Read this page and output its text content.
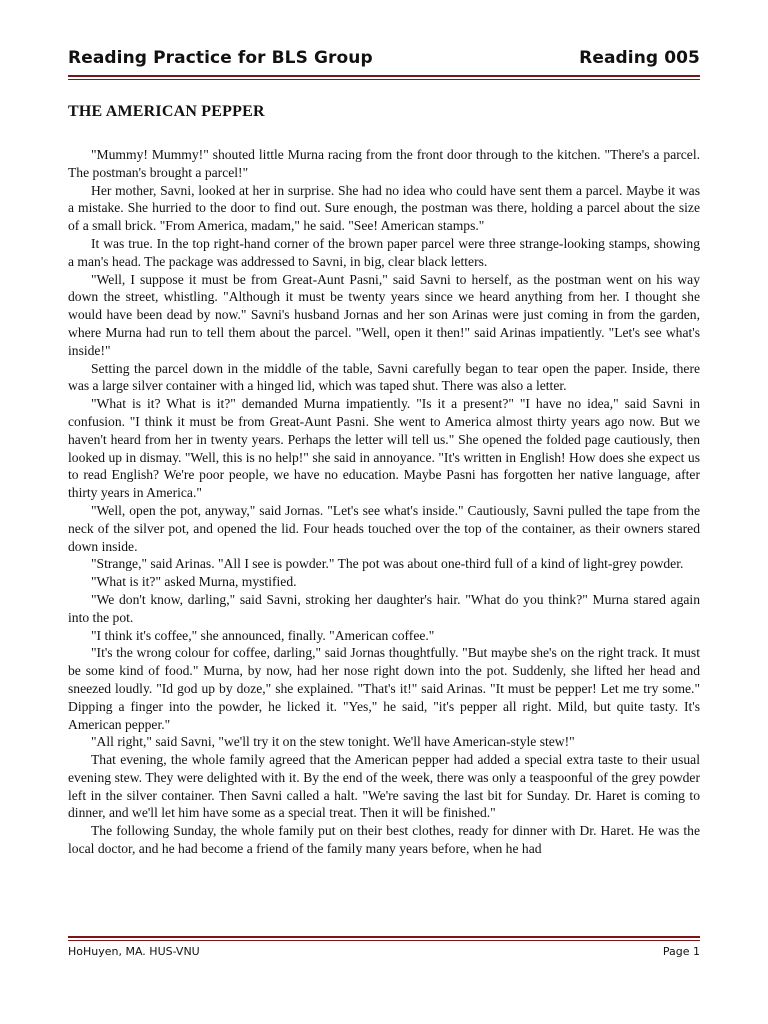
Reading Practice for BLS Group	Reading 005
THE AMERICAN PEPPER

"Mummy! Mummy!" shouted little Murna racing from the front door through to the kitchen. "There's a parcel. The postman's brought a parcel!"

Her mother, Savni, looked at her in surprise. She had no idea who could have sent them a parcel. Maybe it was a mistake. She hurried to the door to find out. Sure enough, the postman was there, holding a parcel about the size of a small brick. "From America, madam," he said. "See! American stamps."

It was true. In the top right-hand corner of the brown paper parcel were three strange-looking stamps, showing a man's head. The package was addressed to Savni, in big, clear black letters.

"Well, I suppose it must be from Great-Aunt Pasni," said Savni to herself, as the postman went on his way down the street, whistling. "Although it must be twenty years since we heard anything from her. I thought she would have been dead by now." Savni's husband Jornas and her son Arinas were just coming in from the garden, where Murna had run to tell them about the parcel. "Well, open it then!" said Arinas impatiently. "Let's see what's inside!"

Setting the parcel down in the middle of the table, Savni carefully began to tear open the paper. Inside, there was a large silver container with a hinged lid, which was taped shut. There was also a letter.

"What is it? What is it?" demanded Murna impatiently. "Is it a present?" "I have no idea," said Savni in confusion. "I think it must be from Great-Aunt Pasni. She went to America almost thirty years ago now. But we haven't heard from her in twenty years. Perhaps the letter will tell us." She opened the folded page cautiously, then looked up in dismay. "Well, this is no help!" she said in annoyance. "It's written in English! How does she expect us to read English? We're poor people, we have no education. Maybe Pasni has forgotten her native language, after thirty years in America."

"Well, open the pot, anyway," said Jornas. "Let's see what's inside." Cautiously, Savni pulled the tape from the neck of the silver pot, and opened the lid. Four heads touched over the top of the container, as their owners stared down inside.

"Strange," said Arinas. "All I see is powder." The pot was about one-third full of a kind of light-grey powder.

"What is it?" asked Murna, mystified.

"We don't know, darling," said Savni, stroking her daughter's hair. "What do you think?" Murna stared again into the pot.

"I think it's coffee," she announced, finally. "American coffee."

"It's the wrong colour for coffee, darling," said Jornas thoughtfully. "But maybe she's on the right track. It must be some kind of food." Murna, by now, had her nose right down into the pot. Suddenly, she lifted her head and sneezed loudly. "Id god up by doze," she explained. "That's it!" said Arinas. "It must be pepper! Let me try some." Dipping a finger into the powder, he licked it. "Yes," he said, "it's pepper all right. Mild, but quite tasty. It's American pepper."

"All right," said Savni, "we'll try it on the stew tonight. We'll have American-style stew!"

That evening, the whole family agreed that the American pepper had added a special extra taste to their usual evening stew. They were delighted with it. By the end of the week, there was only a teaspoonful of the grey powder left in the silver container. Then Savni called a halt. "We're saving the last bit for Sunday. Dr. Haret is coming to dinner, and we'll let him have some as a special treat. Then it will be finished."

The following Sunday, the whole family put on their best clothes, ready for dinner with Dr. Haret. He was the local doctor, and he had become a friend of the family many years before, when he had

HoHuyen, MA. HUS-VNU	Page 1
